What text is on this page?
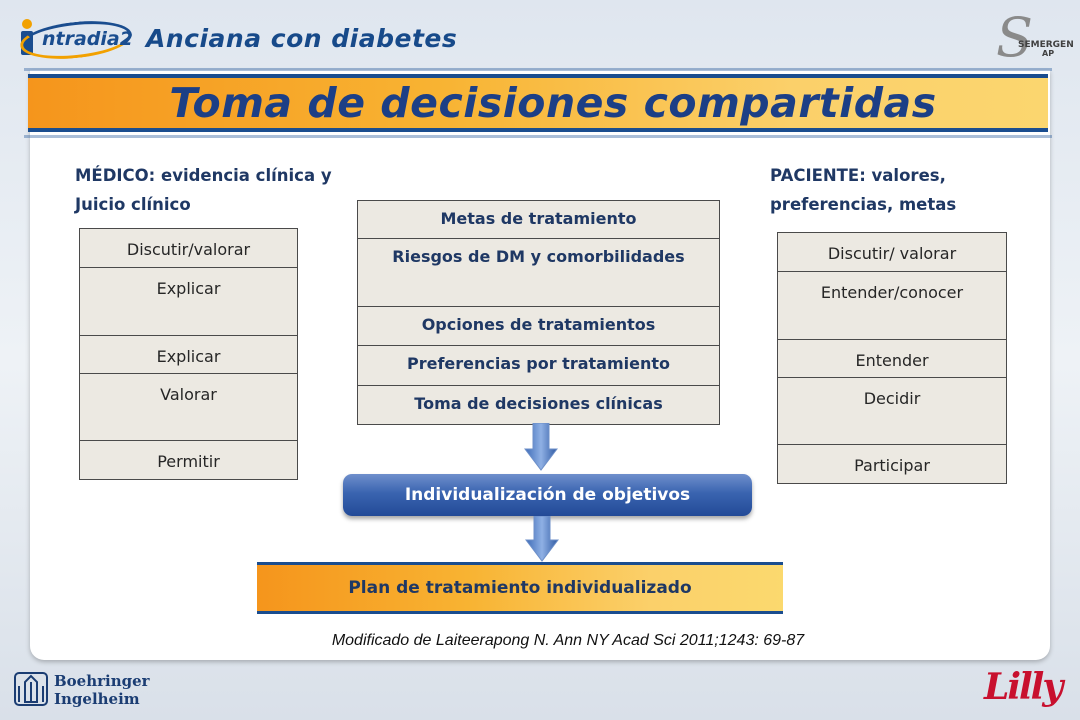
ntradia2 Anciana con diabetes	S
SEMERGEN
AP
Toma de decisiones compartidas
MÉDICO: evidencia clínica y
Juicio clínico
PACIENTE: valores,
preferencias, metas
Discutir/valorar
Explicar
Explicar
Valorar
Permitir
Metas de tratamiento
Riesgos de DM y comorbilidades
Opciones de tratamientos
Preferencias por tratamiento
Toma de decisiones clínicas
Discutir/ valorar
Entender/conocer
Entender
Decidir
Participar
Individualización de objetivos
Plan de tratamiento individualizado
Modificado de Laiteerapong N. Ann NY Acad Sci 2011;1243: 69-87
Boehringer
Ingelheim	Lilly
